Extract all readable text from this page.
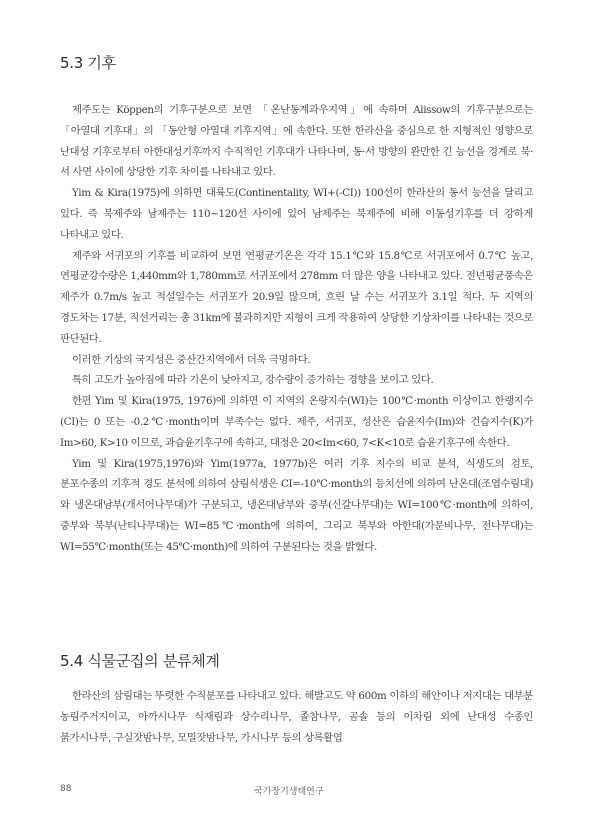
5.3 기후

제주도는 Köppen의 기후구분으로 보면 「온난동계과우지역」에 속하며 Alissow의 기후구분으로는 「아열대 기후대」의 「동안형 아열대 기후지역」에 속한다. 또한 한라산을 중심으로 한 지형적인 영향으로 난대성 기후로부터 아한대성기후까지 수직적인 기후대가 나타나며, 동·서 방향의 완만한 긴 능선을 경계로 북·서 사면 사이에 상당한 기후 차이를 나타내고 있다.

Yim & Kira(1975)에 의하면 대륙도(Continentality, WI+(-CI)) 100선이 한라산의 동서 능선을 달리고 있다. 즉 북제주와 남제주는 110~120선 사이에 있어 남제주는 북제주에 비해 이동성기후를 더 강하게 나타내고 있다.

제주와 서귀포의 기후를 비교하여 보면 연평균기온은 각각 15.1℃와 15.8℃로 서귀포에서 0.7℃ 높고, 연평균강수량은 1,440mm와 1,780mm로 서귀포에서 278mm 더 많은 양을 나타내고 있다. 전년평균풍속은 제주가 0.7m/s 높고 적설일수는 서귀포가 20.9일 많으며, 흐린 날 수는 서귀포가 3.1일 적다. 두 지역의 경도차는 17분, 직선거리는 총 31km에 불과하지만 지형이 크게 작용하여 상당한 기상차이를 나타내는 것으로 판단된다.

이러한 기상의 국지성은 중산간지역에서 더욱 극명하다.

특히 고도가 높아짐에 따라 기온이 낮아지고, 강수량이 증가하는 경향을 보이고 있다.

한편 Yim 및 Kira(1975, 1976)에 의하면 이 지역의 온량지수(WI)는 100℃·month 이상이고 한랭지수(CI)는 0 또는 -0.2℃·month이며 부족수는 없다. 제주, 서귀포, 성산은 습윤지수(Im)와 건습지수(K)가 Im>60, K>10 이므로, 과습윤기후구에 속하고, 대정은 20<Im<60, 7<K<10로 습윤기후구에 속한다.

Yim 및 Kira(1975,1976)와 Yim(1977a, 1977b)은 여러 기후 지수의 비교 분석, 식생도의 검토, 분포수종의 기후적 경도 분석에 의하여 삼림식생은 CI=-10℃·month의 등치선에 의하여 난온대(조엽수림대)와 냉온대남부(개서어나무대)가 구분되고, 냉온대남부와 중부(신갈나무대)는 WI=100℃·month에 의하여, 중부와 북부(난티나무대)는 WI=85℃·month에 의하여, 그리고 북부와 아한대(가문비나무, 전나무대)는 WI=55℃·month(또는 45℃·month)에 의하여 구분된다는 것을 밝혔다.

5.4 식물군집의 분류체계

한라산의 삼림대는 뚜렷한 수직분포를 나타내고 있다. 해발고도 약 600m 이하의 해안이나 저지대는 대부분 농림주거지이고, 아까시나무 식재림과 상수리나무, 졸참나무, 곰솔 등의 이차림 외에 난대성 수종인 붉가시나무, 구실잣밤나무, 모밀잣밤나무, 가시나무 등의 상록활엽

88	국가장기생태연구
